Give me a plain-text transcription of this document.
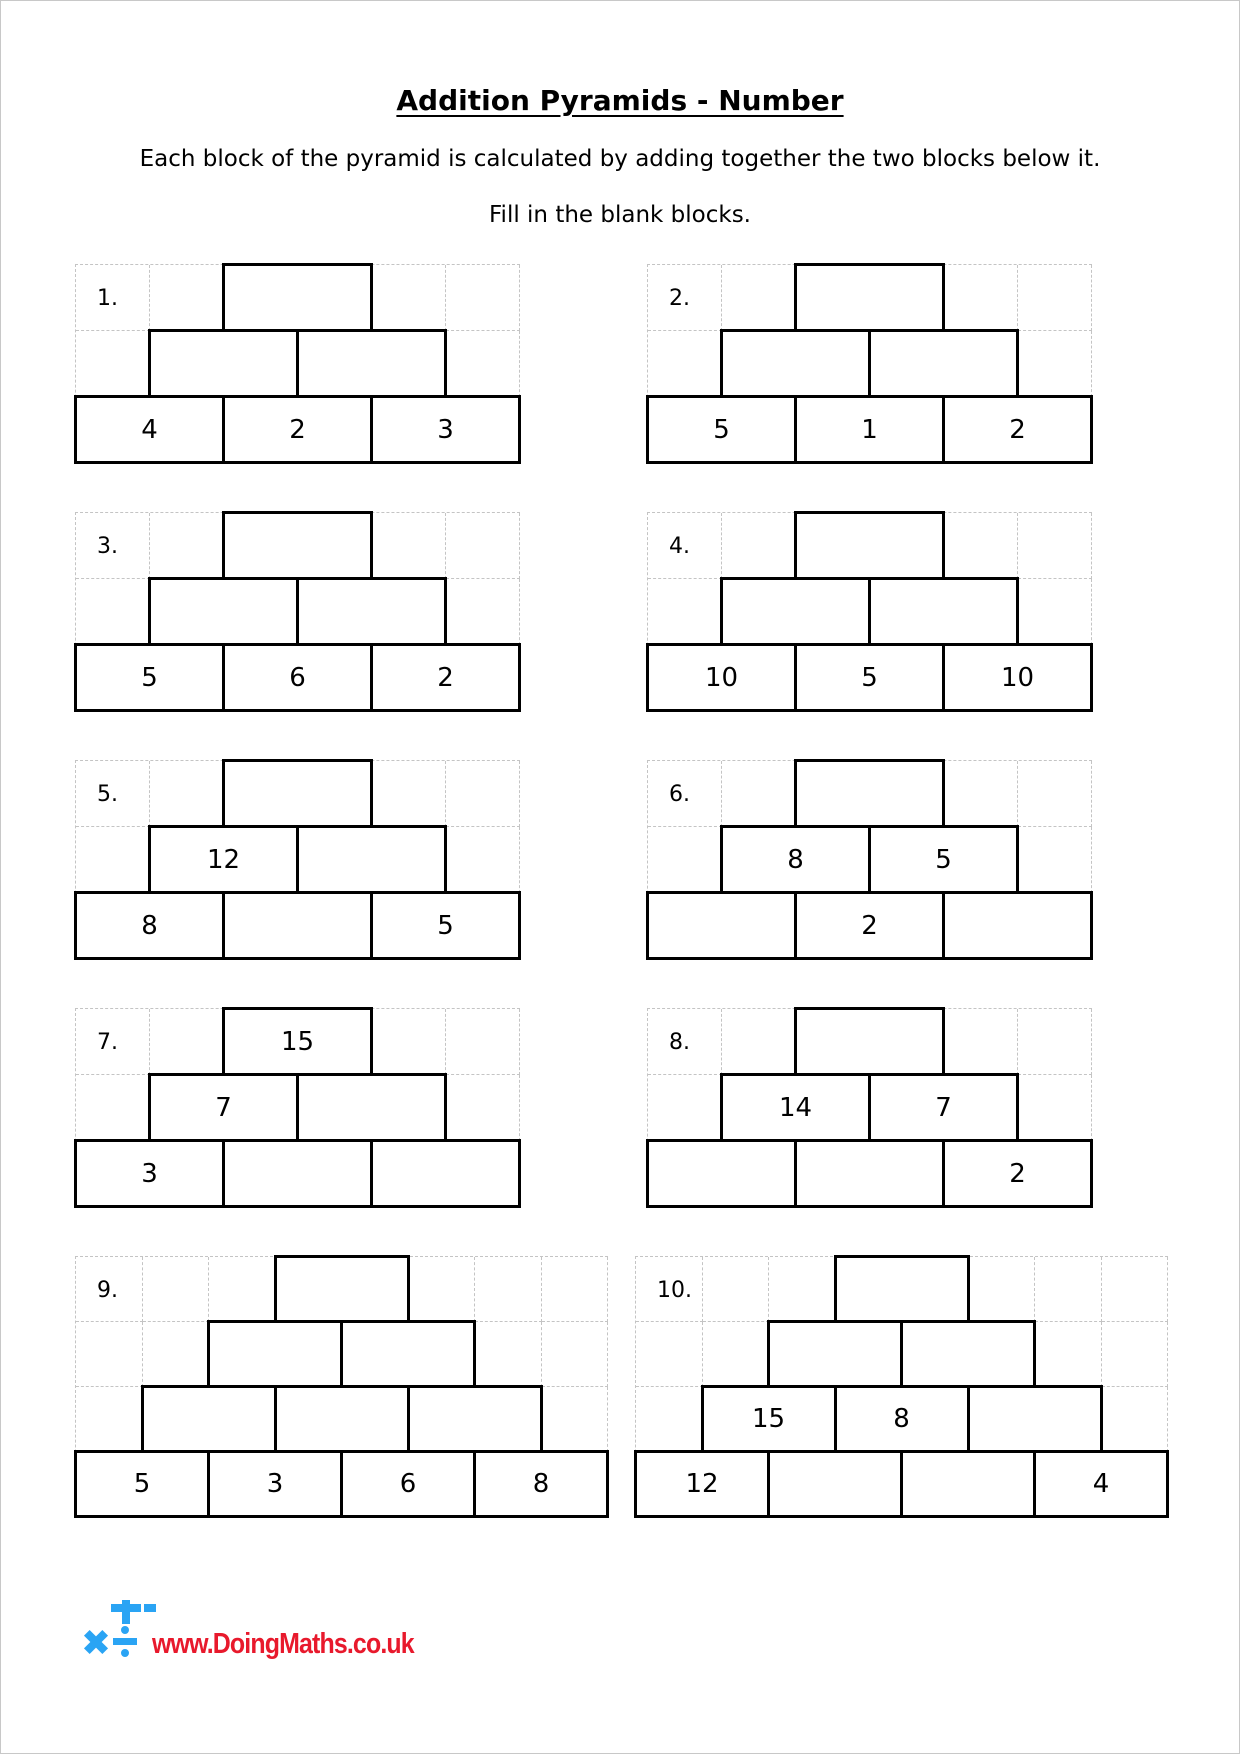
Addition Pyramids - Number
Each block of the pyramid is calculated by adding together the two blocks below it.
Fill in the blank blocks.
1.
4	2	3
2.
5	1	2
3.
5	6	2
4.
10	5	10
5.
12
8	5
6.
8	5
2
7.	15
7
3
8.
14	7
2
9.
5	3	6	8
10.
15	8
12	4
www.DoingMaths.co.uk
